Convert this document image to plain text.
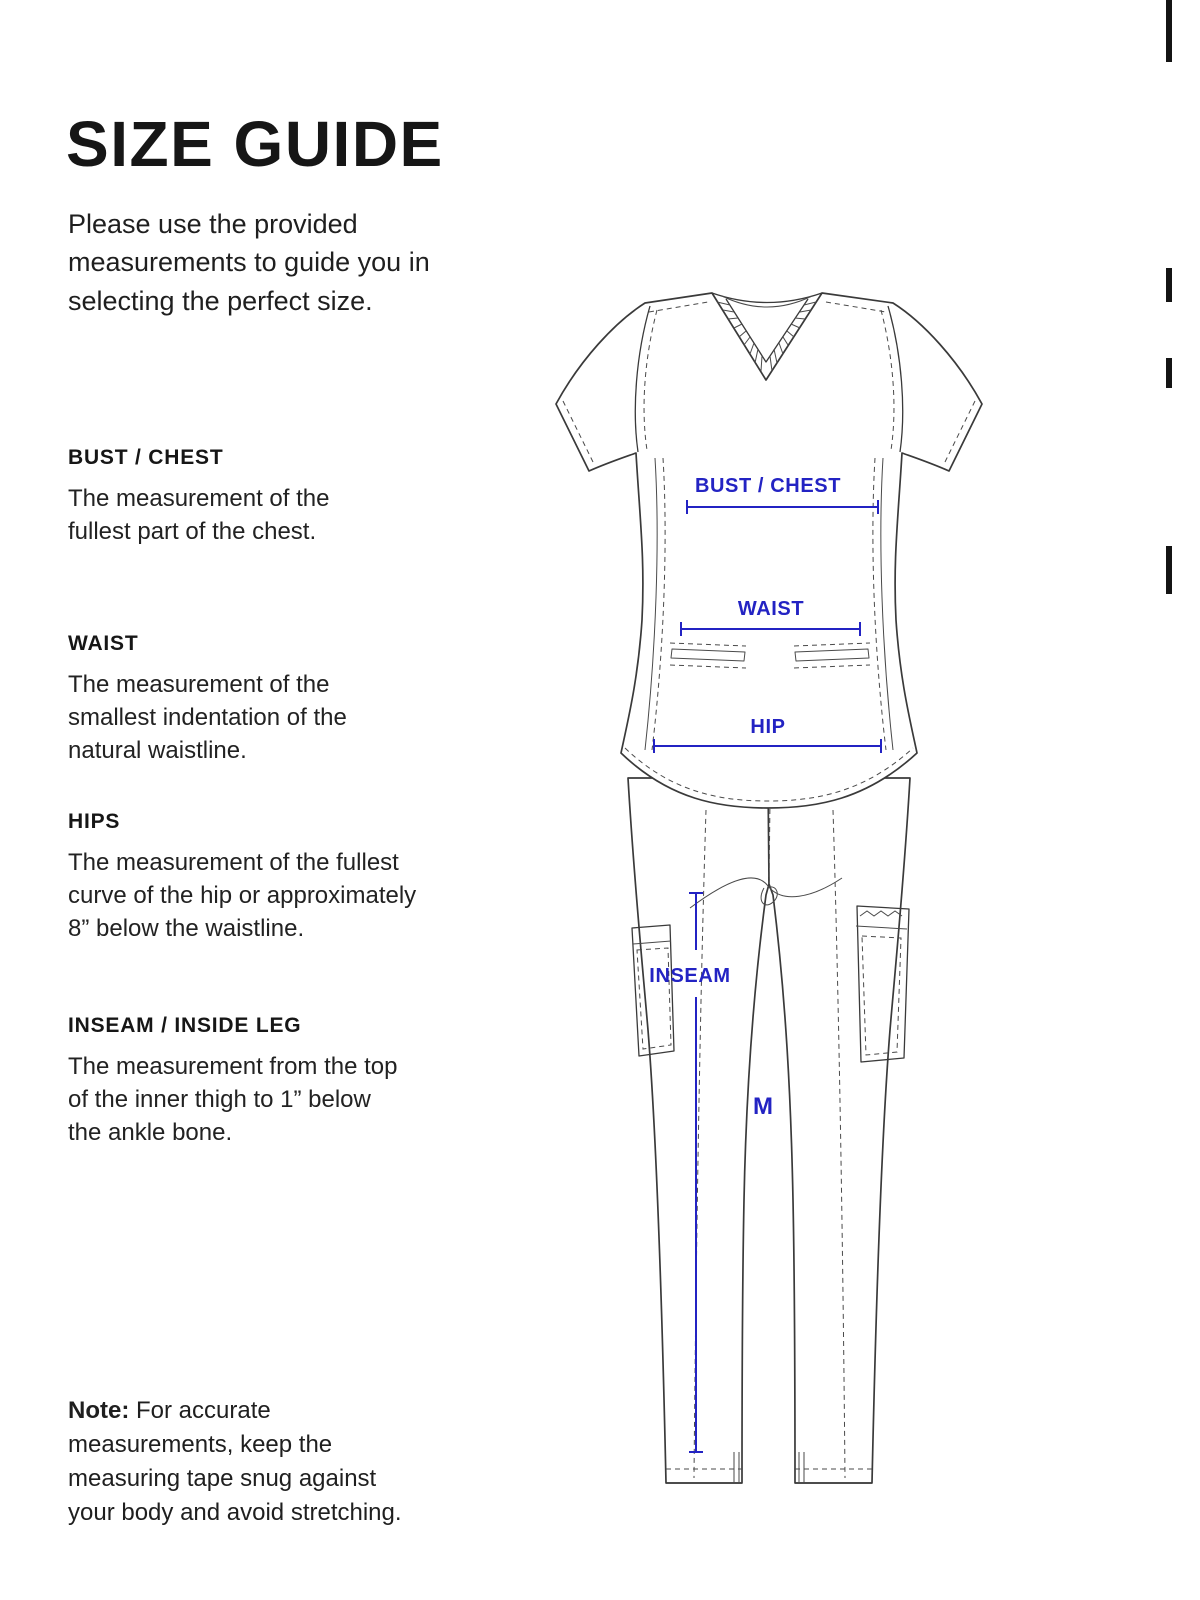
SIZE GUIDE

Please use the provided measurements to guide you in selecting the perfect size.

BUST / CHEST
The measurement of the fullest part of the chest.
WAIST
The measurement of the smallest indentation of the natural waistline.
HIPS
The measurement of the fullest curve of the hip or approximately 8” below the waistline.
INSEAM / INSIDE LEG
The measurement from the top of the inner thigh to 1” below the ankle bone.

Note: For accurate measurements, keep the measuring tape snug against your body and avoid stretching.

BUST / CHEST
WAIST
HIP
INSEAM
M
